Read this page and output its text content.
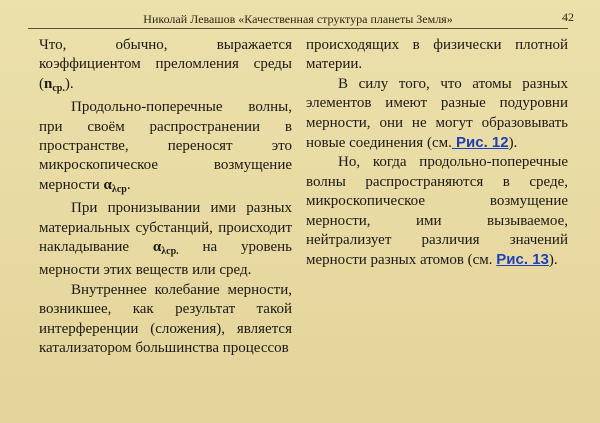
Николай Левашов «Качественная структура планеты Земля»	42

Что, обычно, выражается коэффициентом преломления среды $(n_{ср.})$.

Продольно-поперечные волны, при своём распространении в пространстве, переносят это микроскопическое возмущение мерности $\alpha_{\lambda ср}$.

При пронизывании ими разных материальных субстанций, происходит накладывание $\alpha_{\lambda ср.}$ на уровень мерности этих веществ или сред.

Внутреннее колебание мерности, возникшее, как результат такой интерференции (сложения), является катализатором большинства процессов

происходящих в физически плотной материи.

В силу того, что атомы разных элементов имеют разные подуровни мерности, они не могут образовывать новые соединения (см. Рис. 12).

Но, когда продольно-поперечные волны распространяются в среде, микроскопическое возмущение мерности, ими вызываемое, нейтрализует различия значений мерности разных атомов (см. Рис. 13).
